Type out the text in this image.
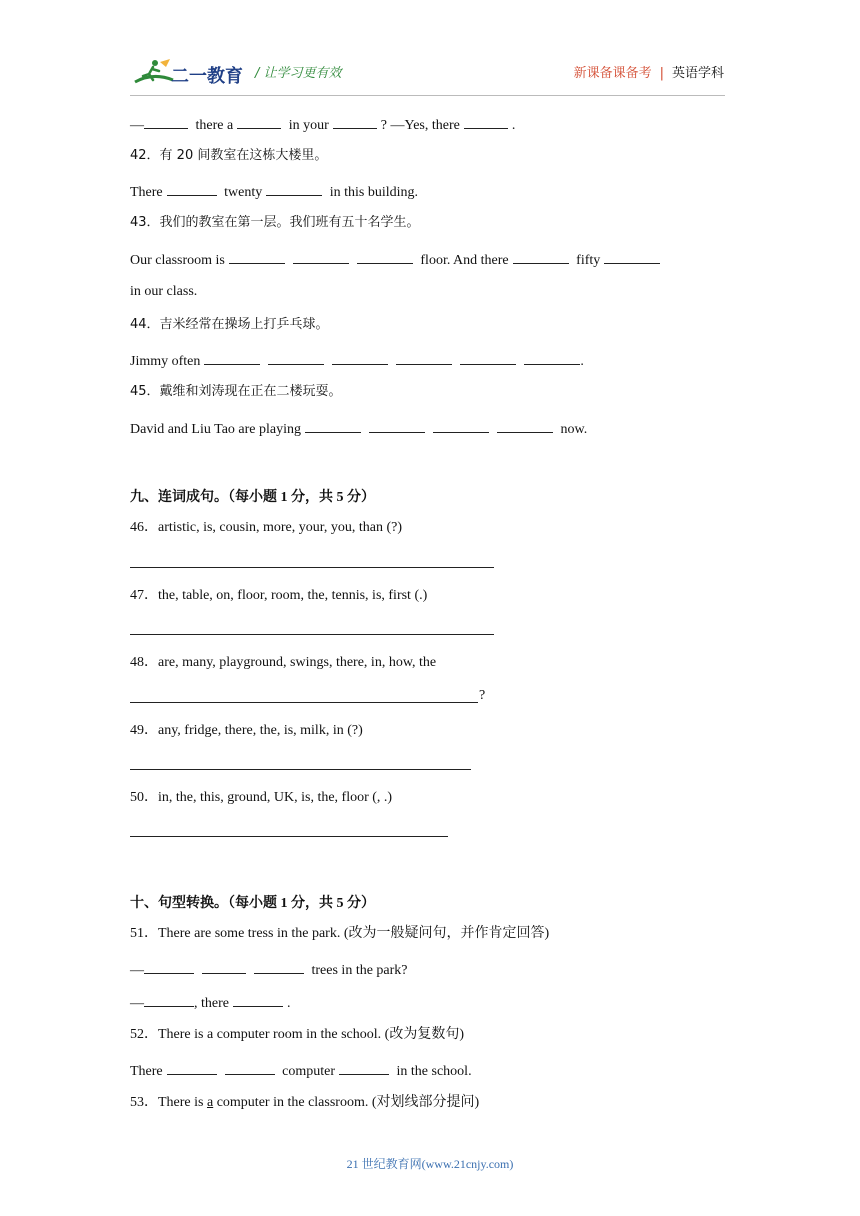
二一教育 / 让学习更有效	新课备课备考 | 英语学科
—	there a	in your	? —Yes, there	.
42．有 20 间教室在这栋大楼里。
There	twenty	in this building.
43．我们的教室在第一层。我们班有五十名学生。
Our classroom is	floor. And there	fifty
in our class.
44．吉米经常在操场上打乒乓球。
Jimmy often	.
45．戴维和刘涛现在正在二楼玩耍。
David and Liu Tao are playing	now.
九、连词成句。（每小题 1 分，共 5 分）
46．artistic, is, cousin, more, your, you, than (?)
47．the, table, on, floor, room, the, tennis, is, first (.)
48．are, many, playground, swings, there, in, how, the
?
49．any, fridge, there, the, is, milk, in (?)
50．in, the, this, ground, UK, is, the, floor (, .)
十、句型转换。（每小题 1 分，共 5 分）
51．There are some tress in the park. (改为一般疑问句，并作肯定回答)
—	trees in the park?
—	, there	.
52．There is a computer room in the school. (改为复数句)
There	computer	in the school.
53．There is a computer in the classroom. (对划线部分提问)
21 世纪教育网(www.21cnjy.com)
